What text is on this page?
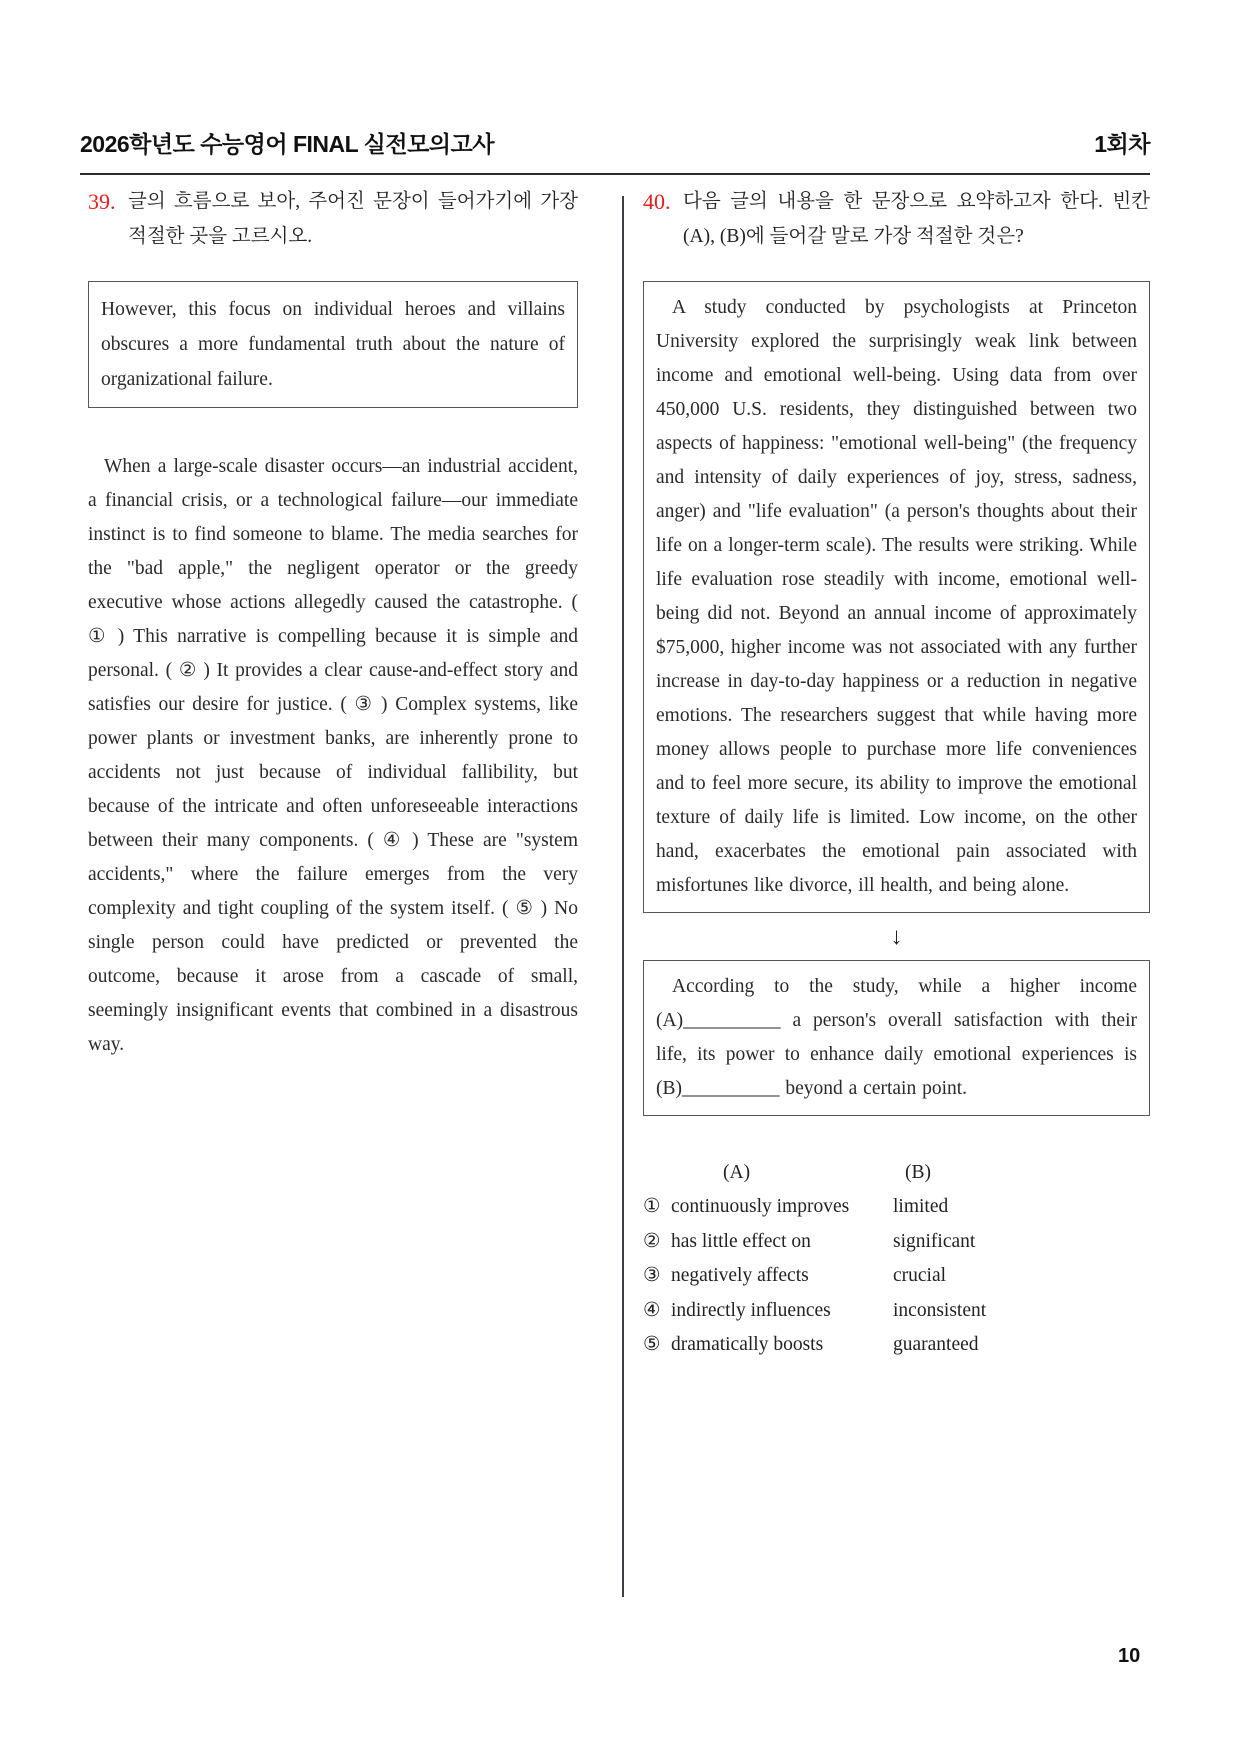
2026학년도 수능영어 FINAL 실전모의고사	1회차
39. 글의 흐름으로 보아, 주어진 문장이 들어가기에 가장 적절한 곳을 고르시오.

However, this focus on individual heroes and villains obscures a more fundamental truth about the nature of organizational failure.

When a large-scale disaster occurs—an industrial accident, a financial crisis, or a technological failure—our immediate instinct is to find someone to blame. The media searches for the "bad apple," the negligent operator or the greedy executive whose actions allegedly caused the catastrophe. ( ① ) This narrative is compelling because it is simple and personal. ( ② ) It provides a clear cause-and-effect story and satisfies our desire for justice. ( ③ ) Complex systems, like power plants or investment banks, are inherently prone to accidents not just because of individual fallibility, but because of the intricate and often unforeseeable interactions between their many components. ( ④ ) These are "system accidents," where the failure emerges from the very complexity and tight coupling of the system itself. ( ⑤ ) No single person could have predicted or prevented the outcome, because it arose from a cascade of small, seemingly insignificant events that combined in a disastrous way.
40. 다음 글의 내용을 한 문장으로 요약하고자 한다. 빈칸 (A), (B)에 들어갈 말로 가장 적절한 것은?

A study conducted by psychologists at Princeton University explored the surprisingly weak link between income and emotional well-being. Using data from over 450,000 U.S. residents, they distinguished between two aspects of happiness: "emotional well-being" (the frequency and intensity of daily experiences of joy, stress, sadness, anger) and "life evaluation" (a person's thoughts about their life on a longer-term scale). The results were striking. While life evaluation rose steadily with income, emotional well-being did not. Beyond an annual income of approximately $75,000, higher income was not associated with any further increase in day-to-day happiness or a reduction in negative emotions. The researchers suggest that while having more money allows people to purchase more life conveniences and to feel more secure, its ability to improve the emotional texture of daily life is limited. Low income, on the other hand, exacerbates the emotional pain associated with misfortunes like divorce, ill health, and being alone.

↓

According to the study, while a higher income (A)__________ a person's overall satisfaction with their life, its power to enhance daily emotional experiences is (B)__________ beyond a certain point.

(A)	(B)
① continuously improves	limited
② has little effect on	significant
③ negatively affects	crucial
④ indirectly influences	inconsistent
⑤ dramatically boosts	guaranteed
10
